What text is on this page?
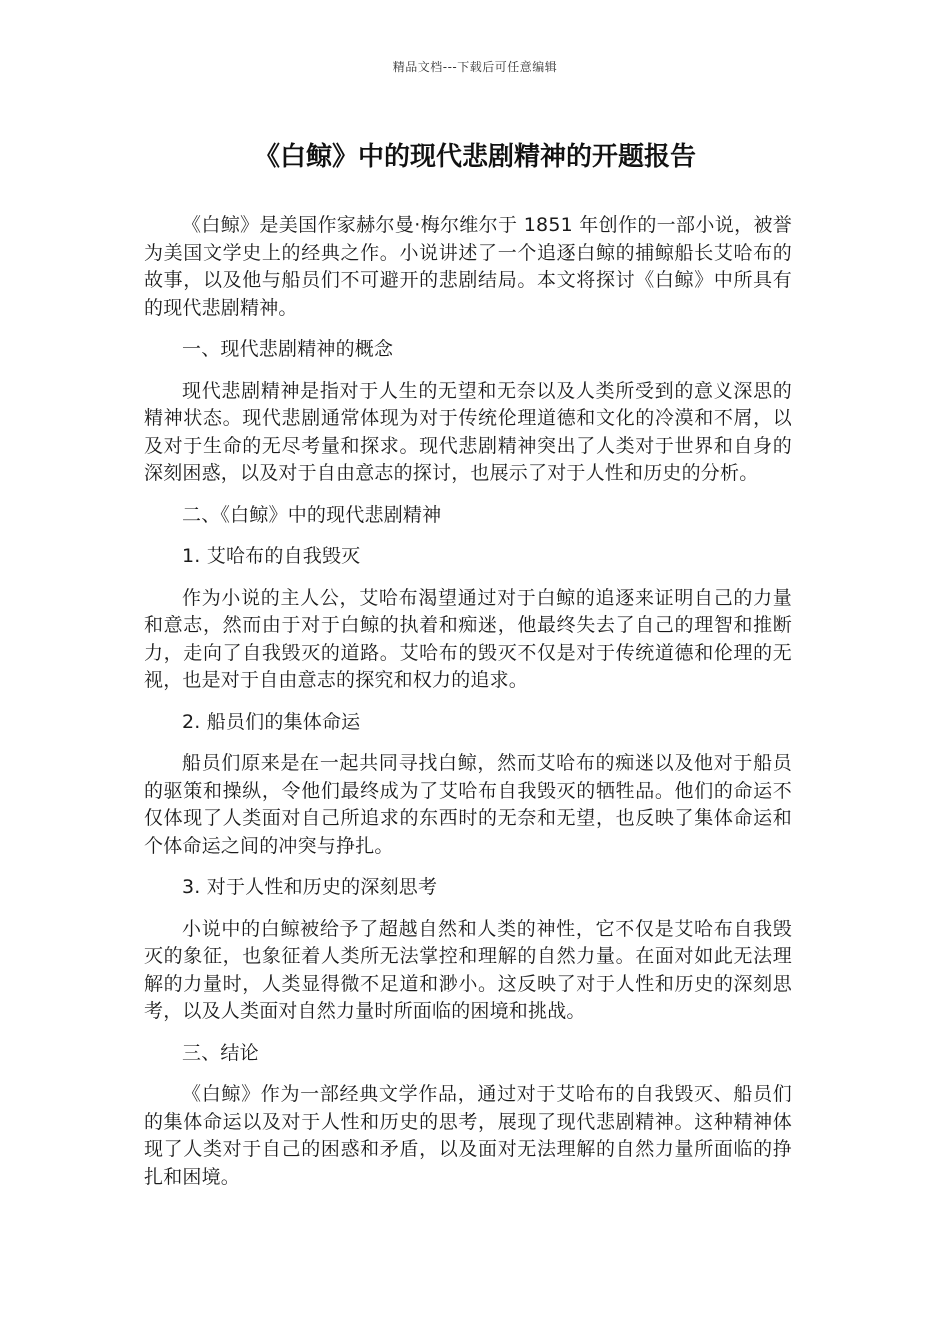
精品文档---下载后可任意编辑
《白鲸》中的现代悲剧精神的开题报告

《白鲸》是美国作家赫尔曼·梅尔维尔于 1851 年创作的一部小说，被誉为美国文学史上的经典之作。小说讲述了一个追逐白鲸的捕鲸船长艾哈布的故事，以及他与船员们不可避开的悲剧结局。本文将探讨《白鲸》中所具有的现代悲剧精神。

一、现代悲剧精神的概念

现代悲剧精神是指对于人生的无望和无奈以及人类所受到的意义深思的精神状态。现代悲剧通常体现为对于传统伦理道德和文化的冷漠和不屑，以及对于生命的无尽考量和探求。现代悲剧精神突出了人类对于世界和自身的深刻困惑，以及对于自由意志的探讨，也展示了对于人性和历史的分析。

二、《白鲸》中的现代悲剧精神

1. 艾哈布的自我毁灭

作为小说的主人公，艾哈布渴望通过对于白鲸的追逐来证明自己的力量和意志，然而由于对于白鲸的执着和痴迷，他最终失去了自己的理智和推断力，走向了自我毁灭的道路。艾哈布的毁灭不仅是对于传统道德和伦理的无视，也是对于自由意志的探究和权力的追求。

2. 船员们的集体命运

船员们原来是在一起共同寻找白鲸，然而艾哈布的痴迷以及他对于船员的驱策和操纵，令他们最终成为了艾哈布自我毁灭的牺牲品。他们的命运不仅体现了人类面对自己所追求的东西时的无奈和无望，也反映了集体命运和个体命运之间的冲突与挣扎。

3. 对于人性和历史的深刻思考

小说中的白鲸被给予了超越自然和人类的神性，它不仅是艾哈布自我毁灭的象征，也象征着人类所无法掌控和理解的自然力量。在面对如此无法理解的力量时，人类显得微不足道和渺小。这反映了对于人性和历史的深刻思考，以及人类面对自然力量时所面临的困境和挑战。

三、结论

《白鲸》作为一部经典文学作品，通过对于艾哈布的自我毁灭、船员们的集体命运以及对于人性和历史的思考，展现了现代悲剧精神。这种精神体现了人类对于自己的困惑和矛盾，以及面对无法理解的自然力量所面临的挣扎和困境。
